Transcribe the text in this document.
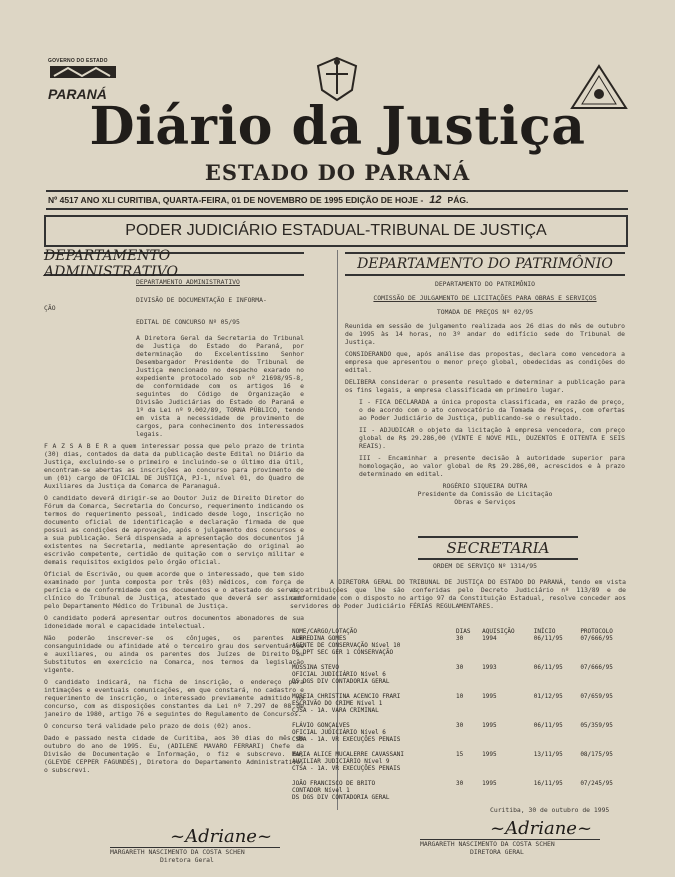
GOVERNO DO ESTADO
PARANÁ
Diário da Justiça
ESTADO DO PARANÁ
Nº 4517 ANO XLI CURITIBA, QUARTA-FEIRA, 01 DE NOVEMBRO DE 1995 EDIÇÃO DE HOJE - 12 PÁG.
PODER JUDICIÁRIO ESTADUAL-TRIBUNAL DE JUSTIÇA
DEPARTAMENTO ADMINISTRATIVO
DEPARTAMENTO ADMINISTRATIVO
DIVISÃO DE DOCUMENTAÇÃO E INFORMA-
ÇÃO
EDITAL DE CONCURSO Nº 05/95

A Diretora Geral da Secretaria do Tribunal de Justiça do Estado do Paraná, por determinação do Excelentíssimo Senhor Desembargador Presidente do Tribunal de Justiça mencionado no despacho exarado no expediente protocolado sob nº 21698/95-8, de conformidade com os artigos 16 e seguintes do Código de Organização e Divisão Judiciárias do Estado do Paraná e 1º da Lei nº 9.002/89, TORNA PÚBLICO, tendo em vista a necessidade de provimento de cargos, para conhecimento dos interessados legais.

F A Z S A B E R a quem interessar possa que pelo prazo de trinta (30) dias, contados da data da publicação deste Edital no Diário da Justiça, excluindo-se o primeiro e incluindo-se o último dia útil, encontram-se abertas as inscrições ao concurso para provimento de um (01) cargo de OFICIAL DE JUSTIÇA, PJ-1, nível 01, do Quadro de Auxiliares da Justiça da Comarca de Paranaguá.

O candidato deverá dirigir-se ao Doutor Juiz de Direito Diretor do Fórum da Comarca, Secretaria do Concurso, requerimento indicando os termos do requerimento pessoal, indicado desde logo, inscrição no documento oficial de identificação e declaração firmada de que possui as condições de aprovação, após o julgamento dos concursos e a sua publicação. Será dispensada a apresentação dos documentos já existentes na Secretaria, mediante apresentação do original ao escrivão competente, certidão de quitação com o serviço militar e demais requisitos exigidos pelo órgão oficial.

Oficial de Escrivão, ou quem acorde que o interessado, que tem sido examinado por junta composta por três (03) médicos, com força de perícia e de conformidade com os documentos e o atestado do serviço clínico do Tribunal de Justiça, atestado que deverá ser assinado pelo Departamento Médico do Tribunal de Justiça.

O candidato poderá apresentar outros documentos abonadores de sua idoneidade moral e capacidade intelectual.

Não poderão inscrever-se os cônjuges, os parentes de consanguinidade ou afinidade até o terceiro grau dos serventuários e auxiliares, ou ainda os parentes dos Juízes de Direito ou Substitutos em exercício na Comarca, nos termos da legislação vigente.

O candidato indicará, na ficha de inscrição, o endereço para intimações e eventuais comunicações, em que constará, no cadastro e requerimento de inscrição, o interessado previamente admitido no concurso, com as disposições constantes da Lei nº 7.297 de 08 de janeiro de 1980, artigo 76 e seguintes do Regulamento de Concursos.

O concurso terá validade pelo prazo de dois (02) anos.

Dado e passado nesta cidade de Curitiba, aos 30 dias do mês de outubro do ano de 1995. Eu, (ADILENE MAVARO FERRARI) Chefe da Divisão de Documentação e Informação, o fiz e subscrevo. Eu, (GLEYDE CEPPER FAGUNDES), Diretora do Departamento Administrativo, o subscrevi.

~Adriane~
MARGARETH NASCIMENTO DA COSTA SCHEN
Diretora Geral
DEPARTAMENTO DO PATRIMÔNIO
DEPARTAMENTO DO PATRIMÔNIO
COMISSÃO DE JULGAMENTO DE LICITAÇÕES PARA OBRAS E SERVIÇOS
TOMADA DE PREÇOS Nº 02/95

Reunida em sessão de julgamento realizada aos 26 dias do mês de outubro de 1995 às 14 horas, no 3º andar do edifício sede do Tribunal de Justiça.

CONSIDERANDO que, após análise das propostas, declara como vencedora a empresa que apresentou o menor preço global, obedecidas as condições do edital.

DELIBERA considerar o presente resultado e determinar a publicação para os fins legais, a empresa classificada em primeiro lugar.

I - FICA DECLARADA a única proposta classificada, em razão de preço, o de acordo com o ato convocatório da Tomada de Preços, com ofertas ao Poder Judiciário de Justiça, publicando-se o resultado.

II - ADJUDICAR o objeto da licitação à empresa vencedora, com preço global de R$ 29.286,00 (VINTE E NOVE MIL, DUZENTOS E OITENTA E SEIS REAIS).

III - Encaminhar a presente decisão à autoridade superior para homologação, ao valor global de R$ 29.286,00, acrescidos e à prazo determinado em edital.

ROGÉRIO SIQUEIRA DUTRA
Presidente da Comissão de Licitação
Obras e Serviços
SECRETARIA
ORDEM DE SERVIÇO Nº 1314/95

A DIRETORA GERAL DO TRIBUNAL DE JUSTIÇA DO ESTADO DO PARANÁ, tendo em vista as atribuições que lhe são conferidas pelo Decreto Judiciário nº 113/89 e de conformidade com o disposto no artigo 97 da Constituição Estadual, resolve conceder aos servidores do Poder Judiciário FÉRIAS REGULAMENTARES.

NOME/CARGO/LOTAÇÃO	DIAS	AQUISIÇÃO	INÍCIO	PROTOCOLO

ALFREDINA GOMES
AGENTE DE CONSERVAÇÃO Nível 10
DS DPT SEC GER 1 CONSERVAÇÃO	30	1994	06/11/95	07/666/95

MOSSINA STEVO
OFICIAL JUDICIÁRIO Nível 6
DS DGS DIV CONTADORIA GERAL	30	1993	06/11/95	07/666/95

MOREIA CHRISTINA ACENCIO FRARI
ESCRIVÃO DO CRIME Nível 1
CJSA - 1A. VARA CRIMINAL	10	1995	01/12/95	07/659/95

FLÁVIO GONÇALVES
OFICIAL JUDICIÁRIO Nível 6
CSDA - 1A. VR EXECUÇÕES PENAIS	30	1995	06/11/95	05/359/95

MARIA ALICE MUCALERRE CAVASSANI
AUXILIAR JUDICIÁRIO Nível 9
CTSA - 1A. VR EXECUÇÕES PENAIS	15	1995	13/11/95	08/175/95

JOÃO FRANCISCO DE BRITO
CONTADOR Nível 1
DS DGS DIV CONTADORIA GERAL	30	1995	16/11/95	07/245/95
Curitiba, 30 de outubro de 1995
~Adriane~
MARGARETH NASCIMENTO DA COSTA SCHEN
DIRETORA GERAL
